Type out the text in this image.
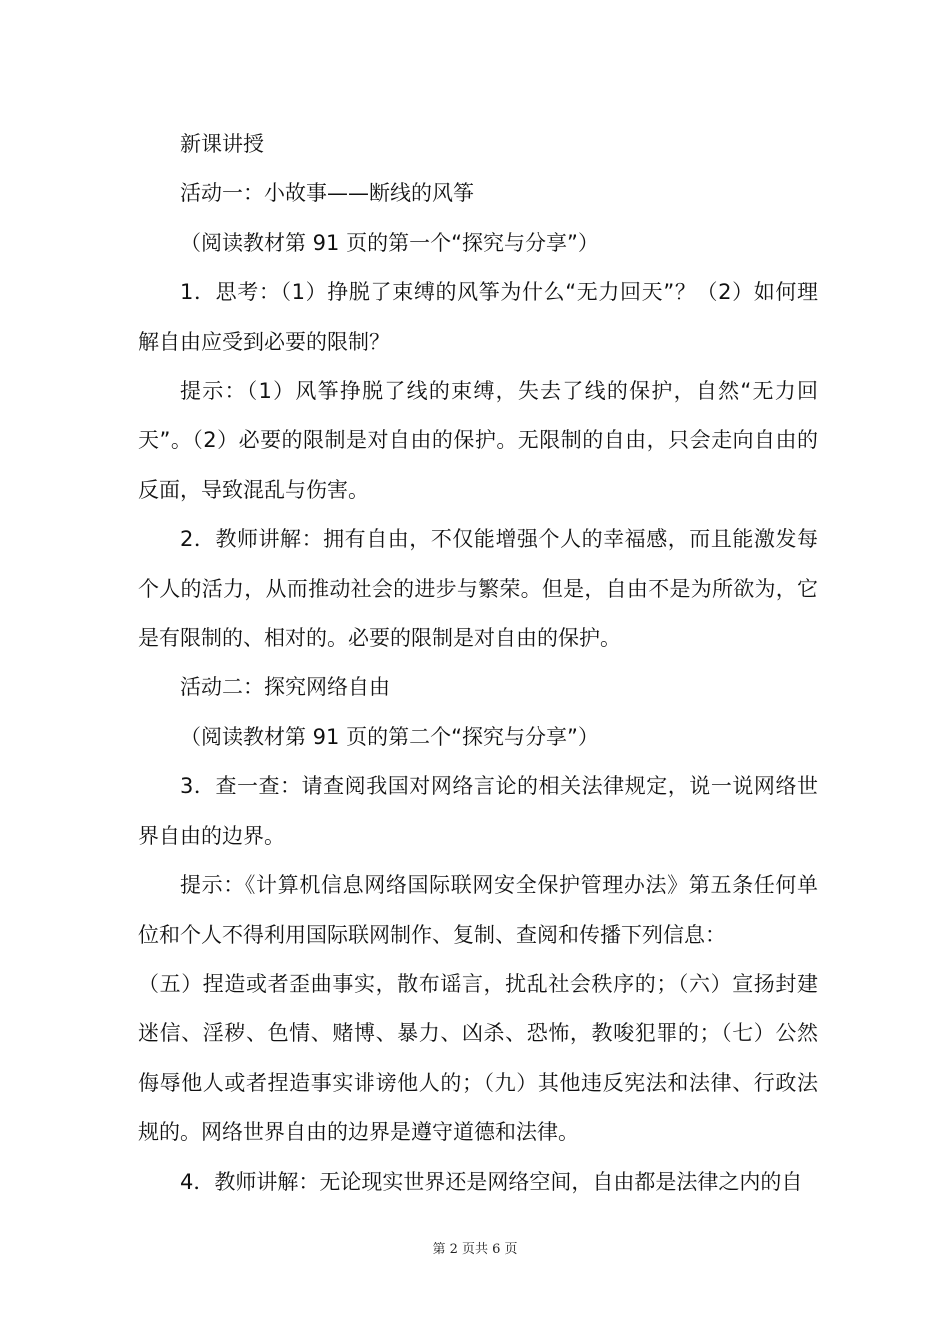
新课讲授

活动一：小故事——断线的风筝

（阅读教材第 91 页的第一个“探究与分享”）

1．思考：（1）挣脱了束缚的风筝为什么“无力回天”？（2）如何理解自由应受到必要的限制？

提示：（1）风筝挣脱了线的束缚，失去了线的保护，自然“无力回天”。（2）必要的限制是对自由的保护。无限制的自由，只会走向自由的反面，导致混乱与伤害。

2．教师讲解：拥有自由，不仅能增强个人的幸福感，而且能激发每个人的活力，从而推动社会的进步与繁荣。但是，自由不是为所欲为，它是有限制的、相对的。必要的限制是对自由的保护。

活动二：探究网络自由

（阅读教材第 91 页的第二个“探究与分享”）

3．查一查：请查阅我国对网络言论的相关法律规定，说一说网络世界自由的边界。

提示：《计算机信息网络国际联网安全保护管理办法》第五条任何单位和个人不得利用国际联网制作、复制、查阅和传播下列信息：

（五）捏造或者歪曲事实，散布谣言，扰乱社会秩序的；（六）宣扬封建迷信、淫秽、色情、赌博、暴力、凶杀、恐怖，教唆犯罪的；（七）公然侮辱他人或者捏造事实诽谤他人的；（九）其他违反宪法和法律、行政法规的。网络世界自由的边界是遵守道德和法律。

4．教师讲解：无论现实世界还是网络空间，自由都是法律之内的自

第 2 页共 6 页
